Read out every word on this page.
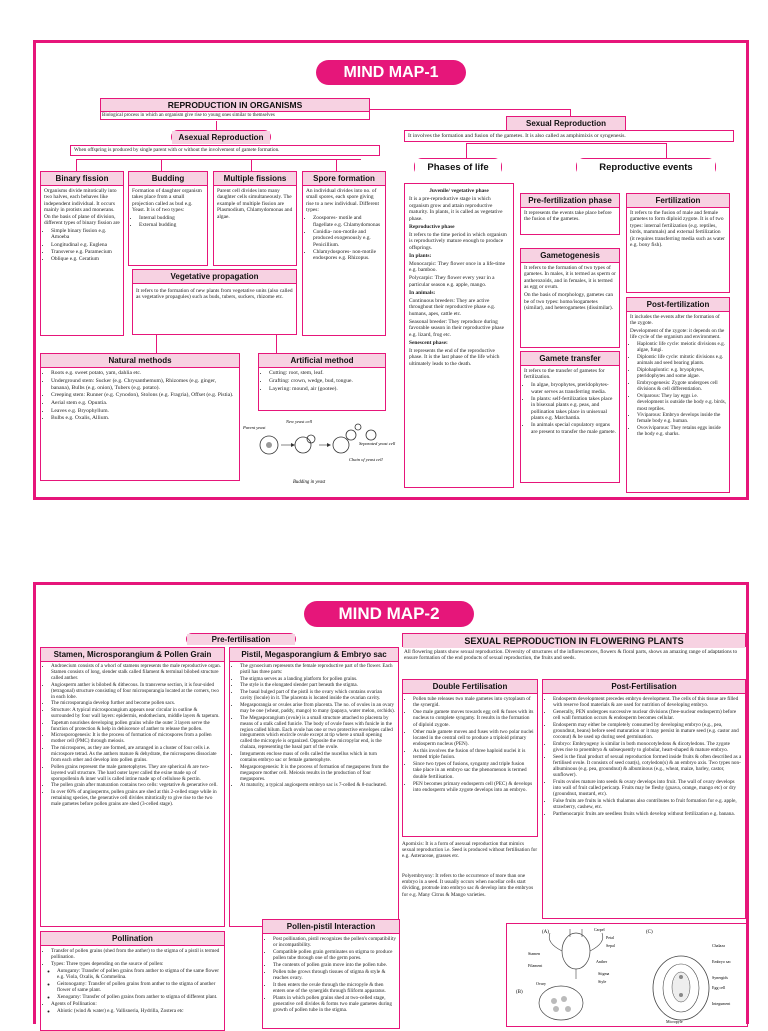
MIND MAP-1
REPRODUCTION IN ORGANISMS
Biological process in which an organism give rise to young ones similar to themselves
Asexual Reproduction
When offspring is produced by single parent with or without the involvement of gamete formation.
Binary fission

Organisms divide mitotically into two halves, each behaves like independent individual. It occurs mainly in protists and monerans. On the basis of plane of division, different types of binary fission are

• Simple binary fission e.g. Amoeba
• Longitudinal e.g. Euglena
• Transverse e.g. Paramecium
• Oblique e.g. Ceratium
Budding

Formation of daughter organism takes place from a small projection called as bud e.g. Yeast. It is of two types:

• Internal budding
• External budding
Multiple fissions

Parent cell divides into many daughter cells simultaneously. The example of multiple fission are Plasmodium, Chlamydomonas and algae.

Spore formation

An individual divides into no. of small spores, each spore giving rise to a new individual. Different types:

• Zoospores- motile and flagellate e.g. Chlamydomonas
• Conidia- non-motile and produced exogenously e.g. Penicillium.
• Chlamydospores- non-motile endospores e.g. Rhizopus.
Vegetative propagation

It refers to the formation of new plants from vegetative units (also called as vegetative propagules) such as buds, tubers, suckers, rhizome etc.

Natural methods
• Roots e.g. sweet potato, yam, dahlia etc.
• Underground stem: Sucker (e.g. Chrysanthemum), Rhizomes (e.g. ginger, banana), Bulbs (e.g. onion), Tubers (e.g. potato).
• Creeping stem: Runner (e.g. Cynodon), Stolons (e.g. Fragria), Offset (e.g. Pistia).
• Aerial stem e.g. Opuntia.
• Leaves e.g. Bryophyllum.
• Bulbs e.g. Oxalis, Allium.
Artificial method
• Cutting: root, stem, leaf.
• Grafting: crown, wedge, bud, tongue.
• Layering: mound, air (gootee).
Parent yeast
New yeast cell
Separated yeast cell
Chain of yeast cell
Budding in yeast
Sexual Reproduction
It involves the formation and fusion of the gametes. It is also called as amphimixis or syngenesis.
Phases of life	Reproductive events

Juvenile/ vegetative phase

It is a pre-reproductive stage in which organism grow and attain reproductive maturity. In plants, it is called as vegetative phase.

Reproductive phase

It refers to the time period in which organism is reproductively mature enough to produce offsprings.

In plants:

Monocarpic: They flower once in a life-time e.g. bamboo.

Polycarpic: They flower every year in a particular season e.g. apple, mango.

In animals:

Continuous breeders: They are active throughout their reproductive phase e.g. humans, apes, cattle etc.

Seasonal breeder: They reproduce during favorable season in their reproductive phase e.g. lizard, frog etc.

Senescent phase:

It represents the end of the reproductive phase. It is the last phase of the life which ultimately leads to the death.

Pre-fertilization phase

It represents the events take place before the fusion of the gametes.

Gametogenesis

It refers to the formation of two types of gametes. In males, it is termed as sperm or antherozoids, and in females, it is termed as egg or ovum.

On the basis of morphology, gametes can be of two types: homo/isogametes (similar), and heterogametes (dissimilar).

Gamete transfer

It refers to the transfer of gametes for fertilization.

• In algae, bryophytes, pteridophytes- water serves as transferring media.
• In plants: self-fertilization takes place in bisexual plants e.g. peas, and pollination takes place in unisexual plants e.g. Marchantia.
• In animals special copulatory organs are present to transfer the male gamete.
Fertilization

It refers to the fusion of male and female gametes to form diploid zygote. It is of two types: internal fertilization (e.g. reptiles, birds, mammals) and external fertilization (it requires transferring media such as water e.g. bony fish).

Post-fertilization

It includes the events after the formation of the zygote.

Development of the zygote: it depends on the life cycle of the organism and environment.

• Haplontic life cycle: meiotic divisions e.g. algae, fungi.
• Diplontic life cycle: mitotic divisions e.g. animals and seed bearing plants.
• Diplohaplontic: e.g. bryophytes, pteridophytes and some algae.
• Embryogenesis: Zygote undergoes cell divisions & cell differentiation.
• Oviparous: They lay eggs i.e. development is outside the body e.g. birds, most reptiles.
• Viviparous: Embryo develops inside the female body e.g. human.
• Ovoviviparous: They retains eggs inside the body e.g. sharks.
MIND MAP-2
Pre-fertilisation
Stamen, Microsporangium & Pollen Grain
• Androecium consists of a whorl of stamens represents the male reproductive organ. Stamen consists of long, slender stalk called filament & terminal bilobed structure called anther.
• Angiosperm anther is bilobed & dithecous. In transverse section, it is four-sided (tetragonal) structure consisting of four microsporangia located at the corners, two in each lobe.
• The microsporangia develop further and become pollen sacs.
• Structure: A typical microsporangium appears near circular in outline & surrounded by four wall layers: epidermis, endothecium, middle layers & tapetum.
• Tapetum nourishes developing pollen grains while the outer 3 layers serve the function of protection & help in dehiscence of anther to release the pollen.
• Microsporogenesis: It is the process of formation of microspores from a pollen mother cell (PMC) through meiosis.
• The microspores, as they are formed, are arranged in a cluster of four cells i.e. microspore tetrad. As the anthers mature & dehydrate, the microspores dissociate from each other and develop into pollen grains.
• Pollen grains represent the male gametophytes. They are spherical & are two-layered wall structure. The hard outer layer called the exine made up of sporopollenin & inner wall is called intine made up of cellulose & pectin.
• The pollen grain after maturation contains two cells: vegetative & generative cell.
• In over 60% of angiosperms, pollen grains are shed at this 2-celled stage while in remaining species, the generative cell divides mitotically to give rise to the two male gametes before pollen grains are shed (3-celled stage).
Pistil, Megasporangium & Embryo sac
• The gynoecium represents the female reproductive part of the flower. Each pistil has three parts:
• The stigma serves as a landing platform for pollen grains.
• The style is the elongated slender part beneath the stigma.
• The basal bulged part of the pistil is the ovary which contains ovarian cavity (locule) in it. The placenta is located inside the ovarian cavity.
• Megasporangia or ovules arise from placenta. The no. of ovules in an ovary may be one (wheat, paddy, mango) to many (papaya, water melon, orchids).
• The Megasporangium (ovule) is a small structure attached to placenta by means of a stalk called funicle. The body of ovule fuses with funicle in the region called hilum. Each ovule has one or two protective envelopes called integuments which encircle ovule except at tip where a small opening called the micropyle is organized. Opposite the micropylar end, is the chalaza, representing the basal part of the ovule.
• Integuments enclose mass of cells called the nucellus which in turn contains embryo sac or female gametophyte.
• Megasporogenesis: It is the process of formation of megaspores from the megaspore mother cell. Meiosis results in the production of four megaspores.
• At maturity, a typical angiosperm embryo sac is 7-celled & 8-nucleated.
SEXUAL REPRODUCTION IN FLOWERING PLANTS
All flowering plants show sexual reproduction. Diversity of structures of the inflorescences, flowers & floral parts, shows an amazing range of adaptations to ensure formation of the end products of sexual reproduction, the fruits and seeds.
Double Fertilisation
• Pollen tube releases two male gametes into cytoplasm of the synergid.
• One male gamete moves towards egg cell & fuses with its nucleus to complete syngamy. It results in the formation of diploid zygote.
• Other male gamete moves and fuses with two polar nuclei located in the central cell to produce a triploid primary endosperm nucleus (PEN).
• As this involves the fusion of three haploid nuclei it is termed triple fusion.
• Since two types of fusions, syngamy and triple fusion take place in an embryo sac the phenomenon is termed double fertilisation.
• PEN becomes primary endosperm cell (PEC) & develops into endosperm while zygote develops into an embryo.
Apomixis: It is a form of asexual reproduction that mimics sexual reproduction i.e. Seed is produced without fertilisation for e.g. Asteraceae, grasses etc.
Polyembryony: It refers to the occurrence of more than one embryo in a seed. It usually occurs when nucellar cells start dividing, protrude into embryo sac & develop into the embryos for e.g. Many Citrus & Mango varieties.
Post-Fertilisation
• Endosperm development precedes embryo development. The cells of this tissue are filled with reserve food materials & are used for nutrition of developing embryo.
• Generally, PEN undergoes successive nuclear divisions (free-nuclear endosperm) before cell wall formation occurs & endosperm becomes cellular.
• Endosperm may either be completely consumed by developing embryo (e.g., pea, groundnut, beans) before seed maturation or it may persist in mature seed (e.g. castor and coconut) & be used up during seed germination.
• Embryo: Embryogeny is similar in both monocotyledons & dicotyledons. The zygote gives rise to proembryo & subsequently to globular, heart-shaped & mature embryo.
• Seed is the final product of sexual reproduction formed inside fruits & often described as a fertilised ovule. It consists of seed coat(s), cotyledon(s) & an embryo axis. Two types non-albuminous (e.g. pea, groundnut) & albuminous (e.g., wheat, maize, barley, castor, sunflower).
• Fruits ovules mature into seeds & ovary develops into fruit. The wall of ovary develops into wall of fruit called pericarp. Fruits may be fleshy (guava, orange, mango etc) or dry (groundnut, mustard, etc).
• False fruits are fruits in which thalamus also contributes to fruit formation for e.g. apple, strawberry, cashew, etc.
• Parthenocarpic fruits are seedless fruits which develop without fertilization e.g. banana.
Pollination
• Transfer of pollen grains (shed from the anther) to the stigma of a pistil is termed pollination.
• Types: Three types depending on the source of pollen:
◦ Autogamy: Transfer of pollen grains from anther to stigma of the same flower e.g. Viola, Oxalis, & Commelina.
◦ Geitonogamy: Transfer of pollen grains from anther to the stigma of another flower of same plant.
◦ Xenogamy: Transfer of pollen grains from anther to stigma of different plant.
• Agents of Pollination:
◦ Abiotic (wind & water) e.g. Vallisneria, Hydrilla, Zostera etc
Pollen-pistil Interaction
• Post pollination, pistil recognizes the pollen's compatibility or incompatibility.
• Compatible pollen grain germinates on stigma to produce pollen tube through one of the germ pores.
• The contents of pollen grain move into the pollen tube.
• Pollen tube grows through tissues of stigma & style & reaches ovary.
• It then enters the ovule through the micropyle & then enters one of the synergids through filiform apparatus.
• Plants in which pollen grains shed at two-celled stage, generative cell divides & forms two male gametes during growth of pollen tube in the stigma.
(A)
(B)
(C)
Carpel
Petal
Sepal
Stamen
Anther
Filament
Stigma
Style
Ovary
Embryo sac
Micropyle
Synergids
Egg cell
Chalaza
Integument
